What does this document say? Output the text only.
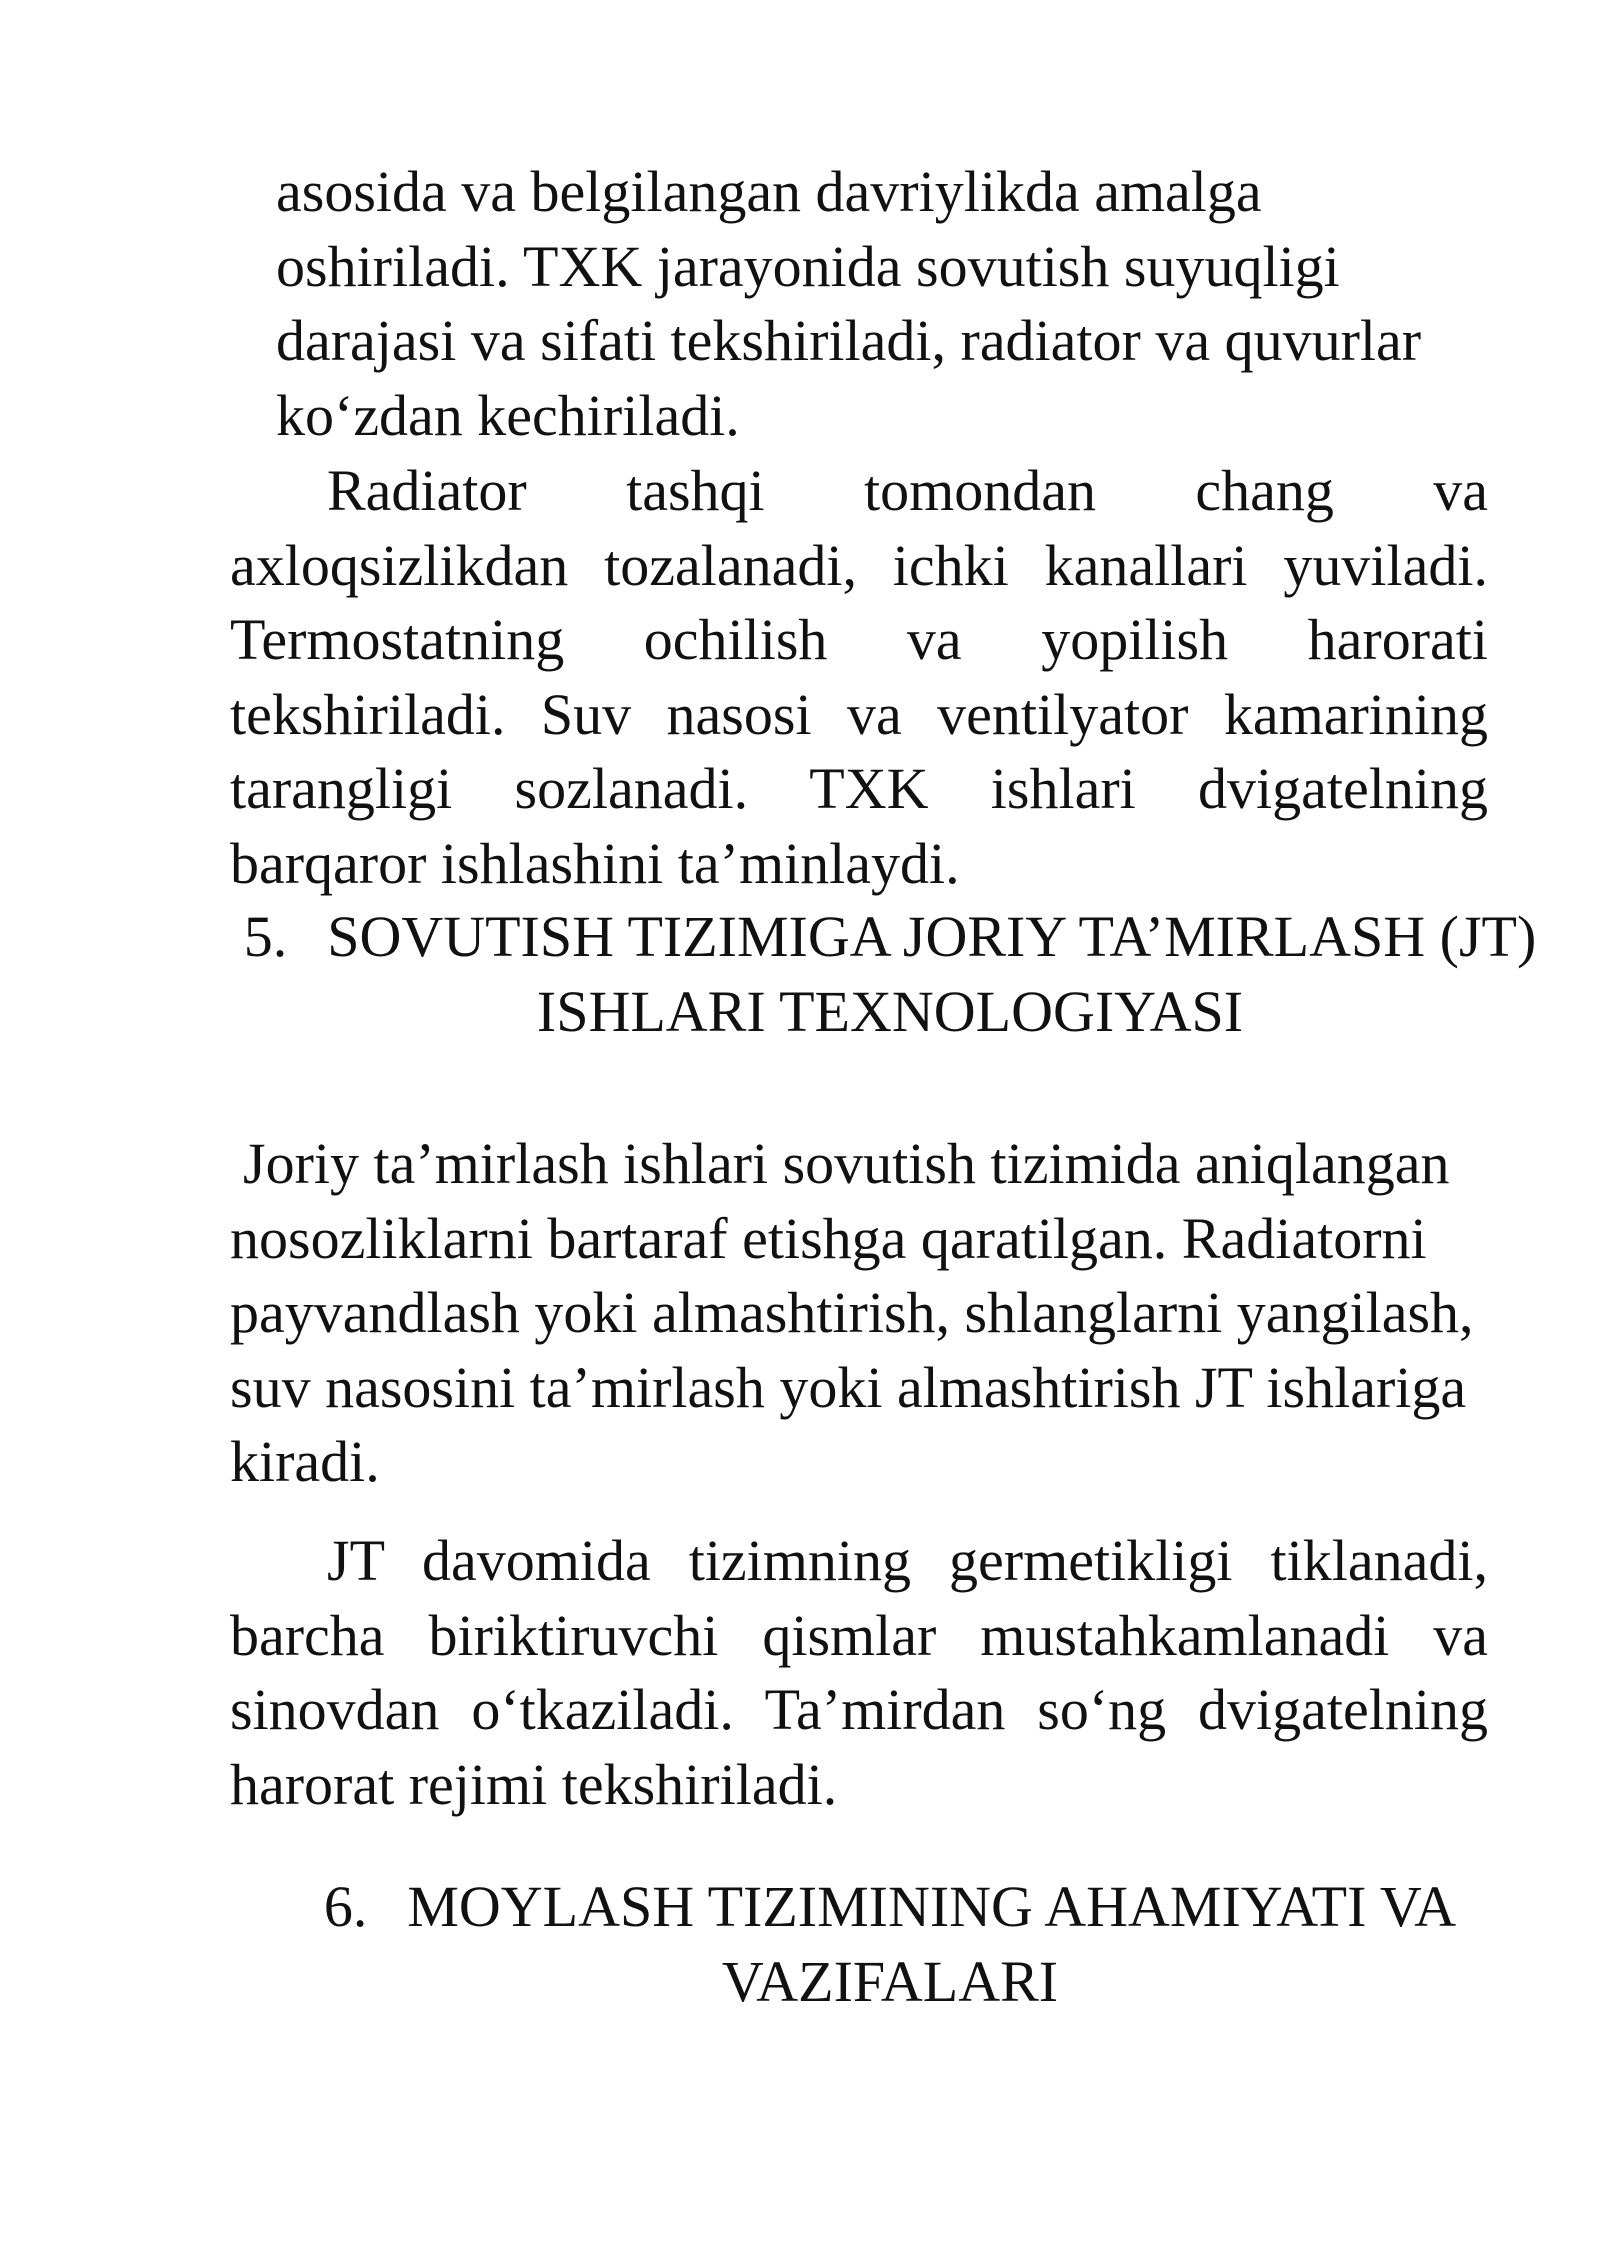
asosida va belgilangan davriylikda amalga oshiriladi. TXK jarayonida sovutish suyuqligi darajasi va sifati tekshiriladi, radiator va quvurlar ko‘zdan kechiriladi.

Radiator tashqi tomondan chang va axloqsizlikdan tozalanadi, ichki kanallari yuviladi. Termostatning ochilish va yopilish harorati tekshiriladi. Suv nasosi va ventilyator kamarining tarangligi sozlanadi. TXK ishlari dvigatelning barqaror ishlashini ta’minlaydi.

5. SOVUTISH TIZIMIGA JORIY TA’MIRLASH (JT) ISHLARI TEXNOLOGIYASI

Joriy ta’mirlash ishlari sovutish tizimida aniqlangan nosozliklarni bartaraf etishga qaratilgan. Radiatorni payvandlash yoki almashtirish, shlanglarni yangilash, suv nasosini ta’mirlash yoki almashtirish JT ishlariga kiradi.

JT davomida tizimning germetikligi tiklanadi, barcha biriktiruvchi qismlar mustahkamlanadi va sinovdan o‘tkaziladi. Ta’mirdan so‘ng dvigatelning harorat rejimi tekshiriladi.

6. MOYLASH TIZIMINING AHAMIYATI VA VAZIFALARI
